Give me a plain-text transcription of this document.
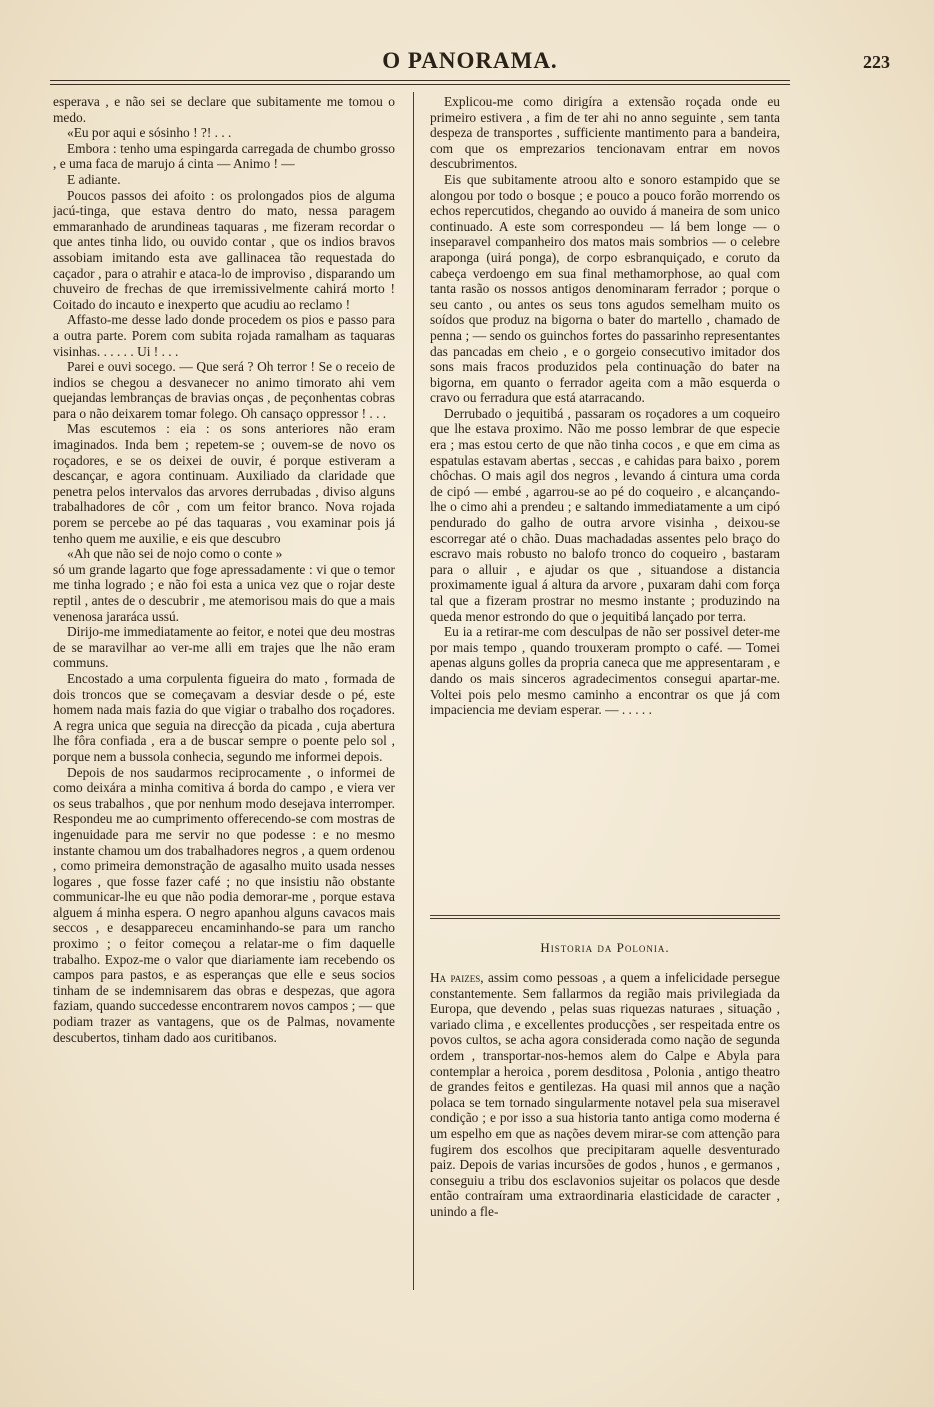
O PANORAMA.	223

esperava , e não sei se declare que subitamente me tomou o medo.

«Eu por aqui e sósinho ! ?! . . .

Embora : tenho uma espingarda carregada de chumbo grosso , e uma faca de marujo á cinta — Animo ! —

E adiante.

Poucos passos dei afoito : os prolongados pios de alguma jacú-tinga, que estava dentro do mato, nessa paragem emmaranhado de arundineas taquaras , me fizeram recordar o que antes tinha lido, ou ouvido contar , que os indios bravos assobiam imitando esta ave gallinacea tão requestada do caçador , para o atrahir e ataca-lo de improviso , disparando um chuveiro de frechas de que irremissivelmente cahirá morto ! Coitado do incauto e inexperto que acudiu ao reclamo !

Affasto-me desse lado donde procedem os pios e passo para a outra parte. Porem com subita rojada ramalham as taquaras visinhas. . . . . . Ui ! . . .

Parei e ouvi socego. — Que será ? Oh terror ! Se o receio de indios se chegou a desvanecer no animo timorato ahi vem quejandas lembranças de bravias onças , de peçonhentas cobras para o não deixarem tomar folego. Oh cansaço oppressor ! . . .

Mas escutemos : eia : os sons anteriores não eram imaginados. Inda bem ; repetem-se ; ouvem-se de novo os roçadores, e se os deixei de ouvir, é porque estiveram a descançar, e agora continuam. Auxiliado da claridade que penetra pelos intervalos das arvores derrubadas , diviso alguns trabalhadores de côr , com um feitor branco. Nova rojada porem se percebe ao pé das taquaras , vou examinar pois já tenho quem me auxilie, e eis que descubro

«Ah que não sei de nojo como o conte »

só um grande lagarto que foge apressadamente : vi que o temor me tinha logrado ; e não foi esta a unica vez que o rojar deste reptil , antes de o descubrir , me atemorisou mais do que a mais venenosa jararáca ussú.

Dirijo-me immediatamente ao feitor, e notei que deu mostras de se maravilhar ao ver-me alli em trajes que lhe não eram communs.

Encostado a uma corpulenta figueira do mato , formada de dois troncos que se começavam a desviar desde o pé, este homem nada mais fazia do que vigiar o trabalho dos roçadores. A regra unica que seguia na direcção da picada , cuja abertura lhe fôra confiada , era a de buscar sempre o poente pelo sol , porque nem a bussola conhecia, segundo me informei depois.

Depois de nos saudarmos reciprocamente , o informei de como deixára a minha comitiva á borda do campo , e viera ver os seus trabalhos , que por nenhum modo desejava interromper. Respondeu me ao cumprimento offerecendo-se com mostras de ingenuidade para me servir no que podesse : e no mesmo instante chamou um dos trabalhadores negros , a quem ordenou , como primeira demonstração de agasalho muito usada nesses logares , que fosse fazer café ; no que insistiu não obstante communicar-lhe eu que não podia demorar-me , porque estava alguem á minha espera. O negro apanhou alguns cavacos mais seccos , e desappareceu encaminhando-se para um rancho proximo ; o feitor começou a relatar-me o fim daquelle trabalho. Expoz-me o valor que diariamente iam recebendo os campos para pastos, e as esperanças que elle e seus socios tinham de se indemnisarem das obras e despezas, que agora faziam, quando succedesse encontrarem novos campos ; — que podiam trazer as vantagens, que os de Palmas, novamente descubertos, tinham dado aos curitibanos.

Explicou-me como dirigíra a extensão roçada onde eu primeiro estivera , a fim de ter ahi no anno seguinte , sem tanta despeza de transportes , sufficiente mantimento para a bandeira, com que os emprezarios tencionavam entrar em novos descubrimentos.

Eis que subitamente atroou alto e sonoro estampido que se alongou por todo o bosque ; e pouco a pouco forão morrendo os echos repercutidos, chegando ao ouvido á maneira de som unico continuado. A este som correspondeu — lá bem longe — o inseparavel companheiro dos matos mais sombrios — o celebre araponga (uirá ponga), de corpo esbranquiçado, e coruto da cabeça verdoengo em sua final methamorphose, ao qual com tanta rasão os nossos antigos denominaram ferrador ; porque o seu canto , ou antes os seus tons agudos semelham muito os soídos que produz na bigorna o bater do martello , chamado de penna ; — sendo os guinchos fortes do passarinho representantes das pancadas em cheio , e o gorgeio consecutivo imitador dos sons mais fracos produzidos pela continuação do bater na bigorna, em quanto o ferrador ageita com a mão esquerda o cravo ou ferradura que está atarracando.

Derrubado o jequitibá , passaram os roçadores a um coqueiro que lhe estava proximo. Não me posso lembrar de que especie era ; mas estou certo de que não tinha cocos , e que em cima as espatulas estavam abertas , seccas , e cahidas para baixo , porem chôchas. O mais agil dos negros , levando á cintura uma corda de cipó — embé , agarrou-se ao pé do coqueiro , e alcançando-lhe o cimo ahi a prendeu ; e saltando immediatamente a um cipó pendurado do galho de outra arvore visinha , deixou-se escorregar até o chão. Duas machadadas assentes pelo braço do escravo mais robusto no balofo tronco do coqueiro , bastaram para o alluir , e ajudar os que , situandose a distancia proximamente igual á altura da arvore , puxaram dahi com força tal que a fizeram prostrar no mesmo instante ; produzindo na queda menor estrondo do que o jequitibá lançado por terra.

Eu ia a retirar-me com desculpas de não ser possivel deter-me por mais tempo , quando trouxeram prompto o café. — Tomei apenas alguns golles da propria caneca que me appresentaram , e dando os mais sinceros agradecimentos consegui apartar-me. Voltei pois pelo mesmo caminho a encontrar os que já com impaciencia me deviam esperar. — . . . . .

Historia da Polonia.

Ha paizes, assim como pessoas , a quem a infelicidade persegue constantemente. Sem fallarmos da região mais privilegiada da Europa, que devendo , pelas suas riquezas naturaes , situação , variado clima , e excellentes producções , ser respeitada entre os povos cultos, se acha agora considerada como nação de segunda ordem , transportar-nos-hemos alem do Calpe e Abyla para contemplar a heroica , porem desditosa , Polonia , antigo theatro de grandes feitos e gentilezas. Ha quasi mil annos que a nação polaca se tem tornado singularmente notavel pela sua miseravel condição ; e por isso a sua historia tanto antiga como moderna é um espelho em que as nações devem mirar-se com attenção para fugirem dos escolhos que precipitaram aquelle desventurado paiz. Depois de varias incursões de godos , hunos , e germanos , conseguiu a tribu dos esclavonios sujeitar os polacos que desde então contraíram uma extraordinaria elasticidade de caracter , unindo a fle-
